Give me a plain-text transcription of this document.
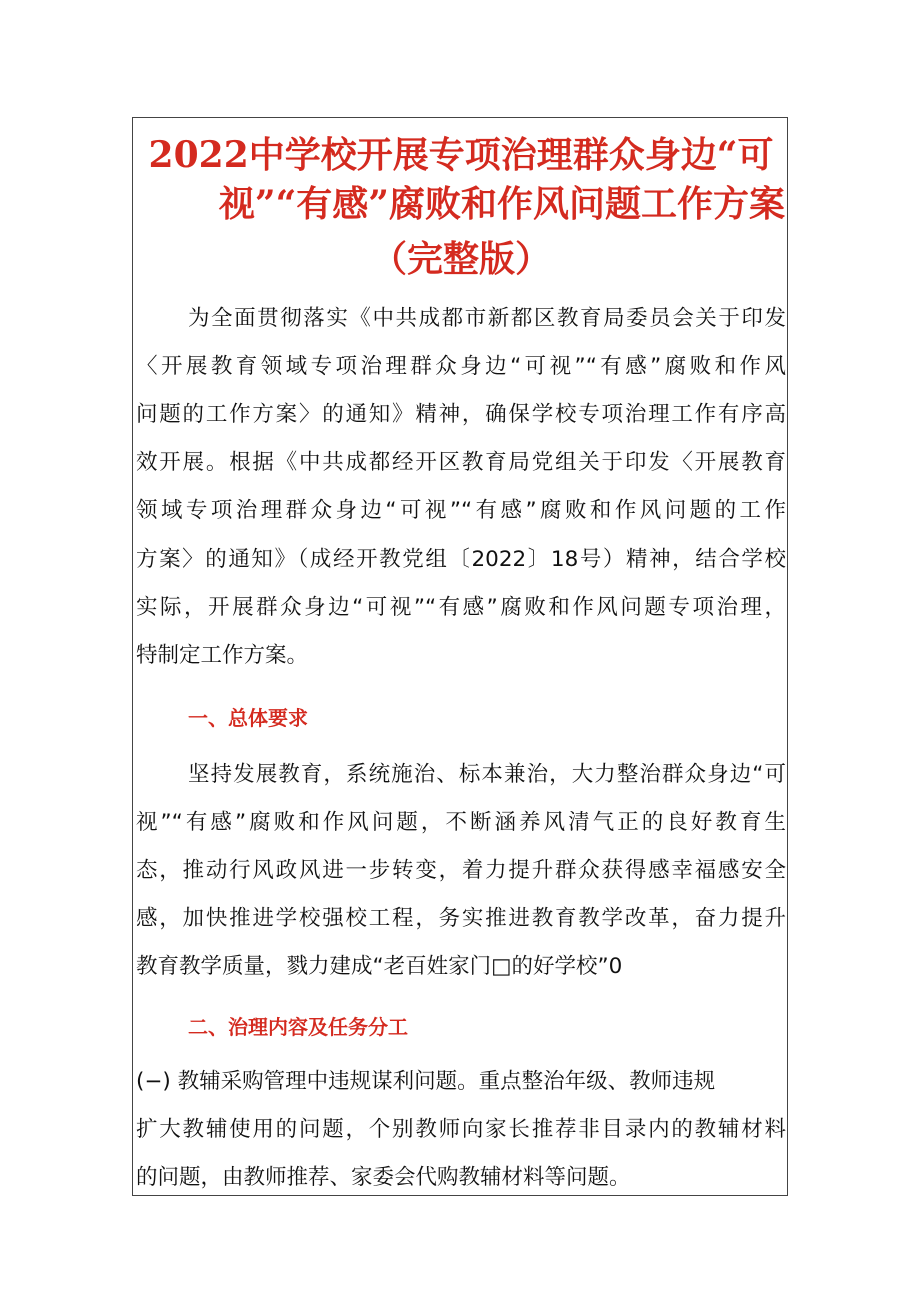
2022中学校开展专项治理群众身边“可
视”“有感”腐败和作风问题工作方案
（完整版）
为全面贯彻落实《中共成都市新都区教育局委员会关于印发
〈开展教育领域专项治理群众身边“可视”“有感”腐败和作风
问题的工作方案〉的通知》精神，确保学校专项治理工作有序高
效开展。根据《中共成都经开区教育局党组关于印发〈开展教育
领域专项治理群众身边“可视”“有感”腐败和作风问题的工作
方案〉的通知》（成经开教党组〔2022〕18号）精神，结合学校
实际，开展群众身边“可视”“有感”腐败和作风问题专项治理，
特制定工作方案。
一、总体要求
坚持发展教育，系统施治、标本兼治，大力整治群众身边“可
视”“有感”腐败和作风问题，不断涵养风清气正的良好教育生
态，推动行风政风进一步转变，着力提升群众获得感幸福感安全
感，加快推进学校强校工程，务实推进教育教学改革，奋力提升
教育教学质量，戮力建成“老百姓家门□的好学校”0
二、治理内容及任务分工
(−) 教辅采购管理中违规谋利问题。重点整治年级、教师违规
扩大教辅使用的问题，个别教师向家长推荐非目录内的教辅材料
的问题，由教师推荐、家委会代购教辅材料等问题。
